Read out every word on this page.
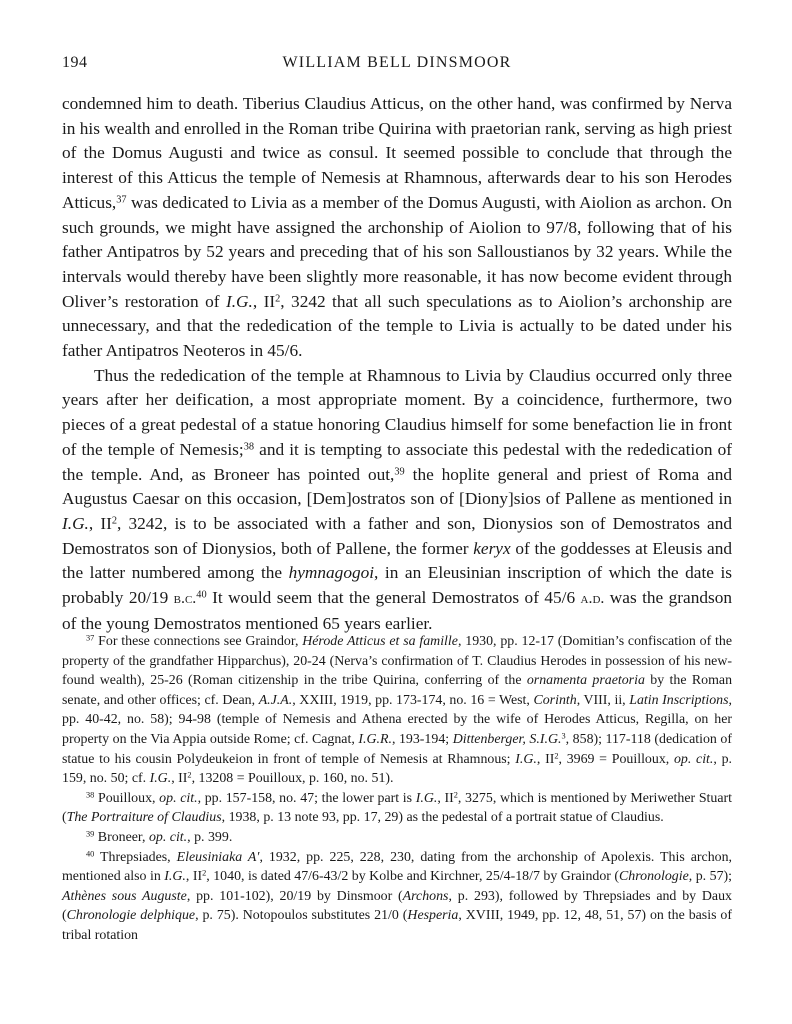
194	WILLIAM BELL DINSMOOR

condemned him to death. Tiberius Claudius Atticus, on the other hand, was confirmed by Nerva in his wealth and enrolled in the Roman tribe Quirina with praetorian rank, serving as high priest of the Domus Augusti and twice as consul. It seemed possible to conclude that through the interest of this Atticus the temple of Nemesis at Rhamnous, afterwards dear to his son Herodes Atticus,$^{37}$ was dedicated to Livia as a member of the Domus Augusti, with Aiolion as archon. On such grounds, we might have assigned the archonship of Aiolion to 97/8, following that of his father Antipatros by 52 years and preceding that of his son Salloustianos by 32 years. While the intervals would thereby have been slightly more reasonable, it has now become evident through Oliver’s restoration of I.G., $II^2$, 3242 that all such speculations as to Aiolion’s archonship are unnecessary, and that the rededication of the temple to Livia is actually to be dated under his father Antipatros Neoteros in 45/6.

Thus the rededication of the temple at Rhamnous to Livia by Claudius occurred only three years after her deification, a most appropriate moment. By a coincidence, furthermore, two pieces of a great pedestal of a statue honoring Claudius himself for some benefaction lie in front of the temple of Nemesis;$^{38}$ and it is tempting to associate this pedestal with the rededication of the temple. And, as Broneer has pointed out,$^{39}$ the hoplite general and priest of Roma and Augustus Caesar on this occasion, [Dem]ostratos son of [Diony]sios of Pallene as mentioned in I.G., $II^2$, 3242, is to be associated with a father and son, Dionysios son of Demostratos and Demostratos son of Dionysios, both of Pallene, the former keryx of the goddesses at Eleusis and the latter numbered among the hymnagogoi, in an Eleusinian inscription of which the date is probably 20/19 b.c.$^{40}$ It would seem that the general Demostratos of 45/6 a.d. was the grandson of the young Demostratos mentioned 65 years earlier.

$^{37}$ For these connections see Graindor, Hérode Atticus et sa famille, 1930, pp. 12-17 (Domitian’s confiscation of the property of the grandfather Hipparchus), 20-24 (Nerva’s confirmation of T. Claudius Herodes in possession of his new-found wealth), 25-26 (Roman citizenship in the tribe Quirina, conferring of the ornamenta praetoria by the Roman senate, and other offices; cf. Dean, A.J.A., XXIII, 1919, pp. 173-174, no. 16 = West, Corinth, VIII, ii, Latin Inscriptions, pp. 40-42, no. 58); 94-98 (temple of Nemesis and Athena erected by the wife of Herodes Atticus, Regilla, on her property on the Via Appia outside Rome; cf. Cagnat, I.G.R., 193-194; Dittenberger, S.I.G.$^3$, 858); 117-118 (dedication of statue to his cousin Polydeukeion in front of temple of Nemesis at Rhamnous; I.G., $II^2$, 3969 = Pouilloux, op. cit., p. 159, no. 50; cf. I.G., $II^2$, 13208 = Pouilloux, p. 160, no. 51).

$^{38}$ Pouilloux, op. cit., pp. 157-158, no. 47; the lower part is I.G., $II^2$, 3275, which is mentioned by Meriwether Stuart (The Portraiture of Claudius, 1938, p. 13 note 93, pp. 17, 29) as the pedestal of a portrait statue of Claudius.

$^{39}$ Broneer, op. cit., p. 399.

$^{40}$ Threpsiades, Eleusiniaka A′, 1932, pp. 225, 228, 230, dating from the archonship of Apolexis. This archon, mentioned also in I.G., $II^2$, 1040, is dated 47/6-43/2 by Kolbe and Kirchner, 25/4-18/7 by Graindor (Chronologie, p. 57); Athènes sous Auguste, pp. 101-102), 20/19 by Dinsmoor (Archons, p. 293), followed by Threpsiades and by Daux (Chronologie delphique, p. 75). Notopoulos substitutes 21/0 (Hesperia, XVIII, 1949, pp. 12, 48, 51, 57) on the basis of tribal rotation
